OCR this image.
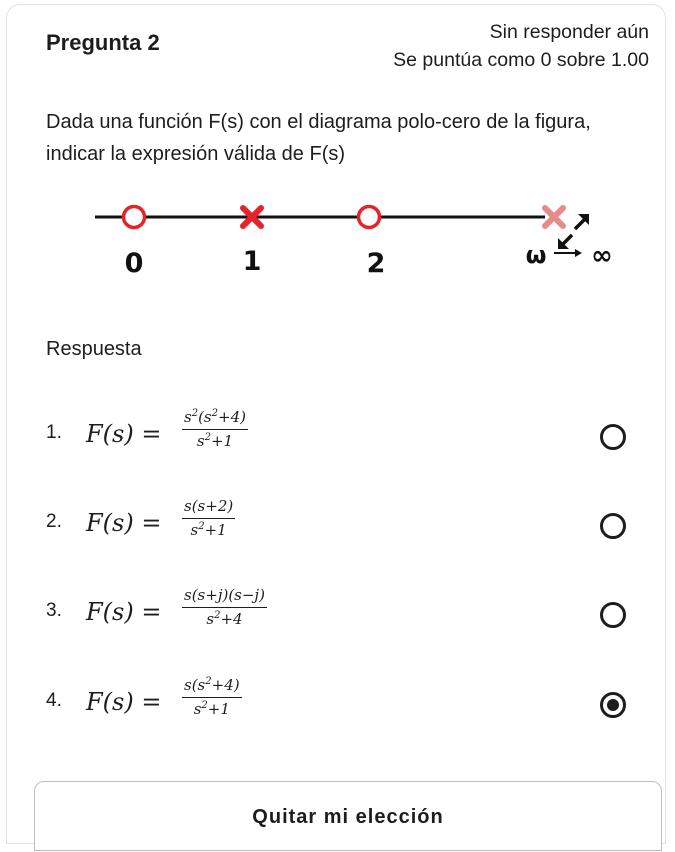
Pregunta 2	Sin responder aún
Se puntúa como 0 sobre 1.00
Dada una función F(s) con el diagrama polo-cero de la figura, indicar la expresión válida de F(s)
0	1	2	ω ∞
Respuesta
1. F(s) =
$s^2(s^2+4)$
$s^2+1$
2. F(s) =
s(s+2)
$s^2+1$
3. F(s) =
s(s+j)(s−j)
$s^2+4$
4. F(s) =
$s(s^2+4)$
$s^2+1$
Quitar mi elección
